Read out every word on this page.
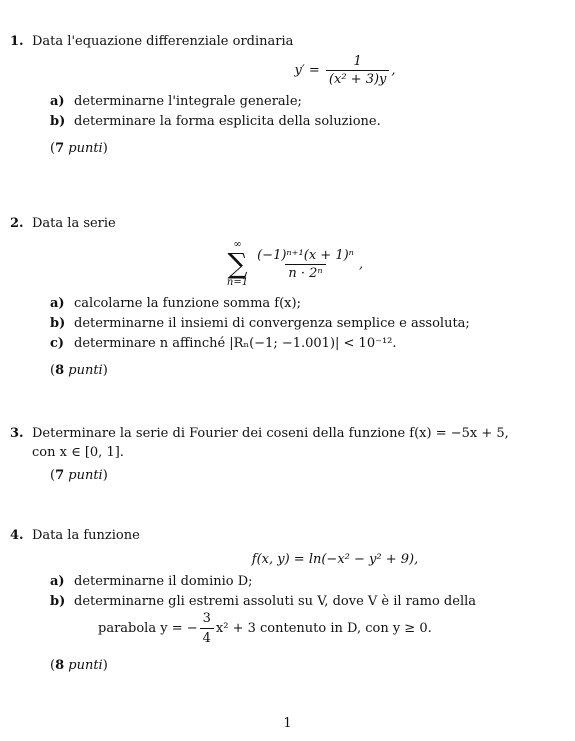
1. Data l'equazione differenziale ordinaria
$y' = \frac{1}{\text{(x² + 3)y}}$ ,
a) determinarne l'integrale generale;
b) determinare la forma esplicita della soluzione.
(7 punti)
2. Data la serie
∞
∑
n=1
$\frac{\text{(−1)ⁿ⁺¹(x + 1)ⁿ}}{\text{n · 2ⁿ}}$ ,
a) calcolarne la funzione somma f(x);
b) determinarne il insiemi di convergenza semplice e assoluta;
c) determinare n affinché |Rₙ(−1; −1.001)| < 10⁻¹².
(8 punti)
3. Determinare la serie di Fourier dei coseni della funzione f(x) = −5x + 5,
con x ∈ [0, 1].
(7 punti)
4. Data la funzione
f(x, y) = ln(−x² − y² + 9),
a) determinarne il dominio D;
b) determinarne gli estremi assoluti su V, dove V è il ramo della
parabola y = − $\frac{3}{4} x^2 + 3$ contenuto in D, con y ≥ 0.
(8 punti)
1
